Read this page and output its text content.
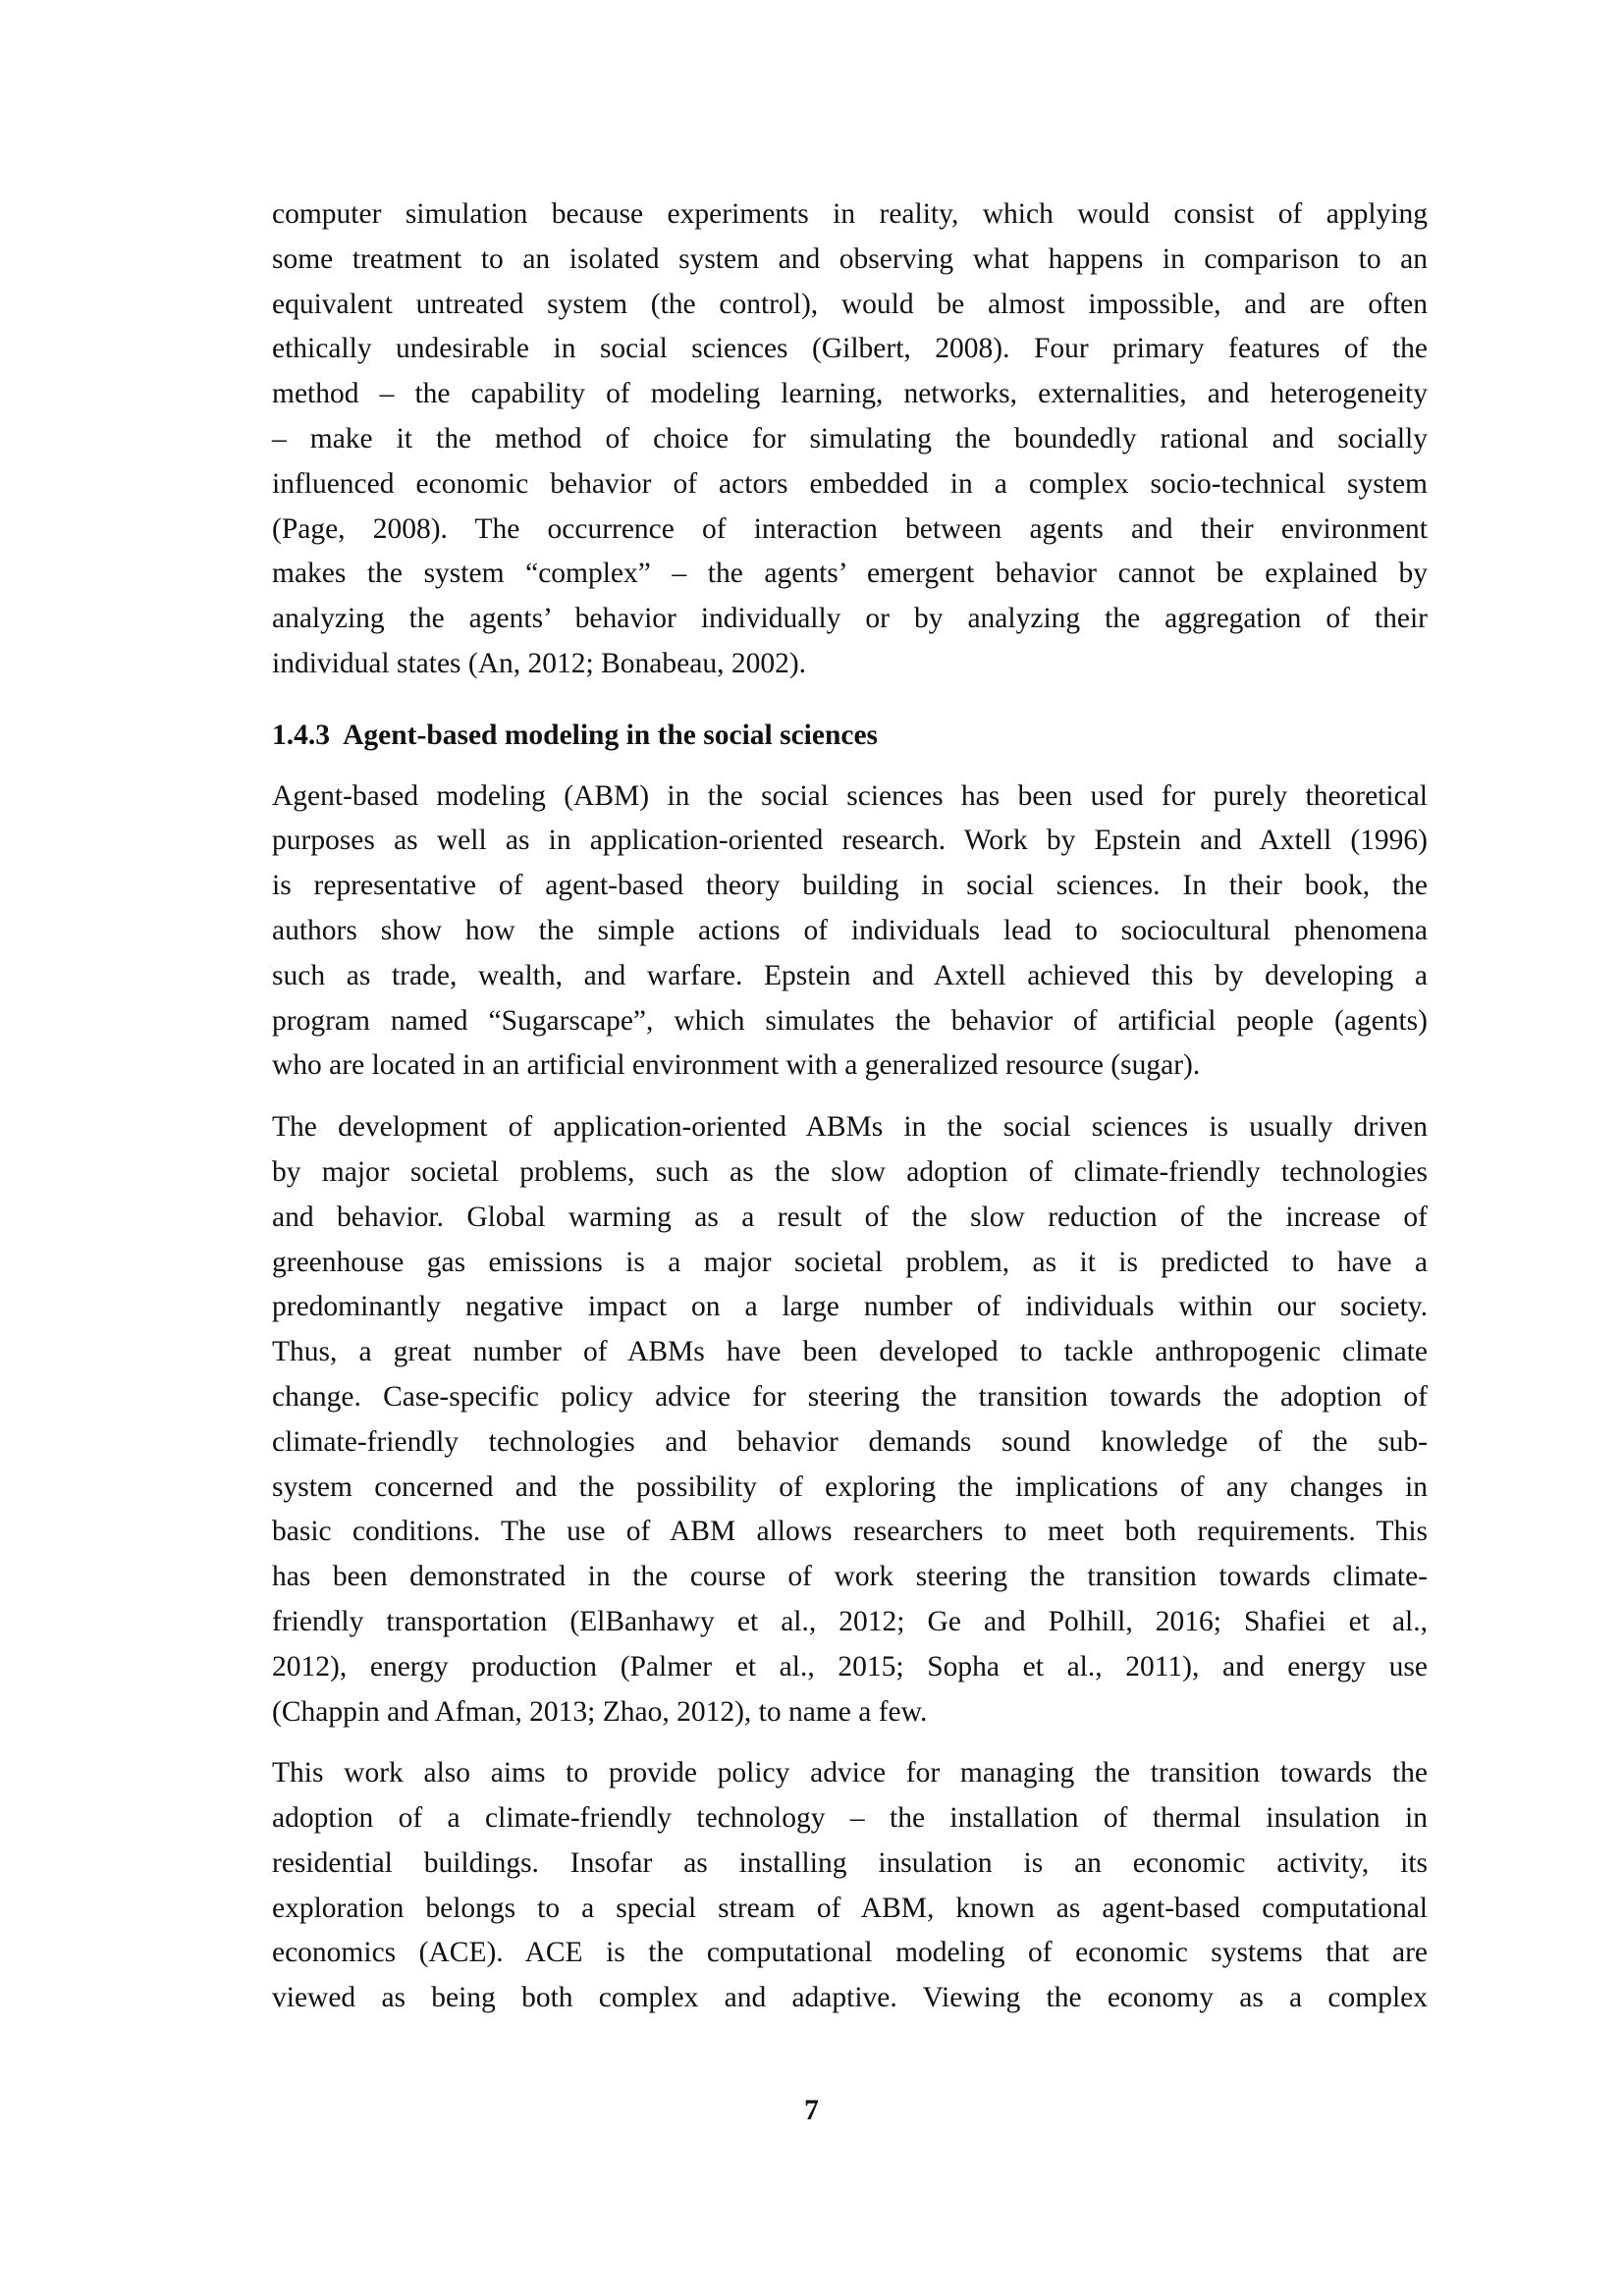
computer simulation because experiments in reality, which would consist of applying
some treatment to an isolated system and observing what happens in comparison to an
equivalent untreated system (the control), would be almost impossible, and are often
ethically undesirable in social sciences (Gilbert, 2008). Four primary features of the
method – the capability of modeling learning, networks, externalities, and heterogeneity
– make it the method of choice for simulating the boundedly rational and socially
influenced economic behavior of actors embedded in a complex socio-technical system
(Page, 2008). The occurrence of interaction between agents and their environment
makes the system “complex” – the agents’ emergent behavior cannot be explained by
analyzing the agents’ behavior individually or by analyzing the aggregation of their
individual states (An, 2012; Bonabeau, 2002).
1.4.3 Agent-based modeling in the social sciences
Agent-based modeling (ABM) in the social sciences has been used for purely theoretical
purposes as well as in application-oriented research. Work by Epstein and Axtell (1996)
is representative of agent-based theory building in social sciences. In their book, the
authors show how the simple actions of individuals lead to sociocultural phenomena
such as trade, wealth, and warfare. Epstein and Axtell achieved this by developing a
program named “Sugarscape”, which simulates the behavior of artificial people (agents)
who are located in an artificial environment with a generalized resource (sugar).
The development of application-oriented ABMs in the social sciences is usually driven
by major societal problems, such as the slow adoption of climate-friendly technologies
and behavior. Global warming as a result of the slow reduction of the increase of
greenhouse gas emissions is a major societal problem, as it is predicted to have a
predominantly negative impact on a large number of individuals within our society.
Thus, a great number of ABMs have been developed to tackle anthropogenic climate
change. Case-specific policy advice for steering the transition towards the adoption of
climate-friendly technologies and behavior demands sound knowledge of the sub-
system concerned and the possibility of exploring the implications of any changes in
basic conditions. The use of ABM allows researchers to meet both requirements. This
has been demonstrated in the course of work steering the transition towards climate-
friendly transportation (ElBanhawy et al., 2012; Ge and Polhill, 2016; Shafiei et al.,
2012), energy production (Palmer et al., 2015; Sopha et al., 2011), and energy use
(Chappin and Afman, 2013; Zhao, 2012), to name a few.
This work also aims to provide policy advice for managing the transition towards the
adoption of a climate-friendly technology – the installation of thermal insulation in
residential buildings. Insofar as installing insulation is an economic activity, its
exploration belongs to a special stream of ABM, known as agent-based computational
economics (ACE). ACE is the computational modeling of economic systems that are
viewed as being both complex and adaptive. Viewing the economy as a complex
7
